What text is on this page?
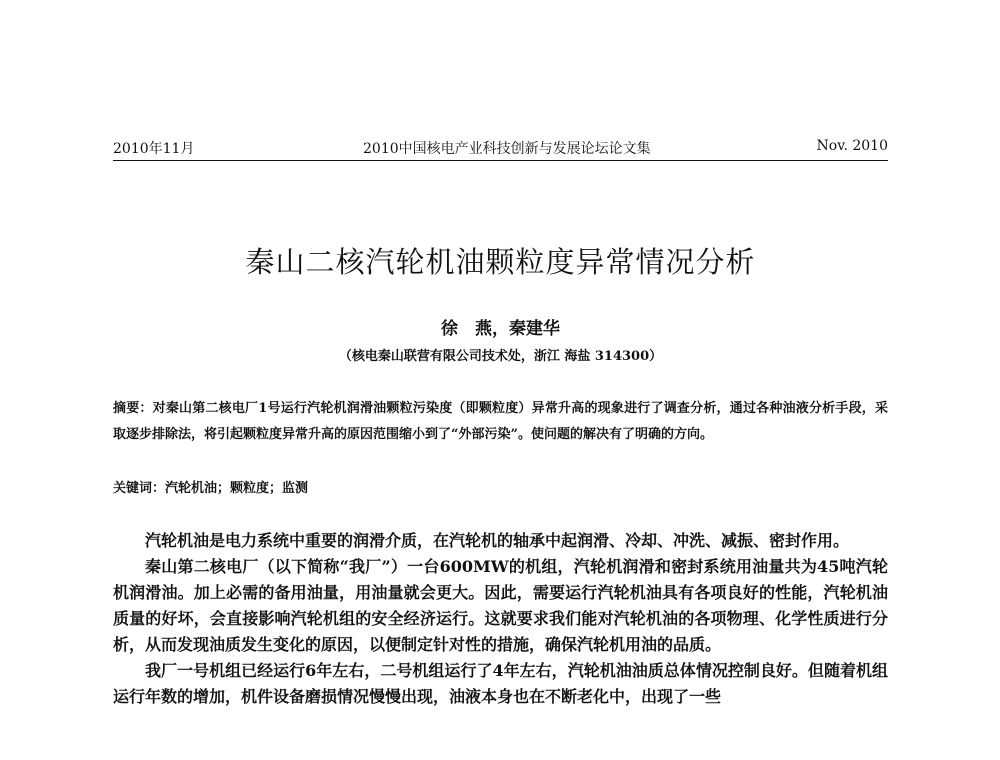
2010年11月	2010中国核电产业科技创新与发展论坛论文集	Nov. 2010
秦山二核汽轮机油颗粒度异常情况分析
徐　燕，秦建华
（核电秦山联营有限公司技术处，浙江 海盐 314300）
摘要：对秦山第二核电厂1号运行汽轮机润滑油颗粒污染度（即颗粒度）异常升高的现象进行了调查分析，通过各种油液分析手段，采取逐步排除法，将引起颗粒度异常升高的原因范围缩小到了“外部污染”。使问题的解决有了明确的方向。
关键词：汽轮机油；颗粒度；监测

汽轮机油是电力系统中重要的润滑介质，在汽轮机的轴承中起润滑、冷却、冲洗、减振、密封作用。

秦山第二核电厂（以下简称“我厂”）一台600MW的机组，汽轮机润滑和密封系统用油量共为45吨汽轮机润滑油。加上必需的备用油量，用油量就会更大。因此，需要运行汽轮机油具有各项良好的性能，汽轮机油质量的好坏，会直接影响汽轮机组的安全经济运行。这就要求我们能对汽轮机油的各项物理、化学性质进行分析，从而发现油质发生变化的原因，以便制定针对性的措施，确保汽轮机用油的品质。

我厂一号机组已经运行6年左右，二号机组运行了4年左右，汽轮机油油质总体情况控制良好。但随着机组运行年数的增加，机件设备磨损情况慢慢出现，油液本身也在不断老化中，出现了一些
